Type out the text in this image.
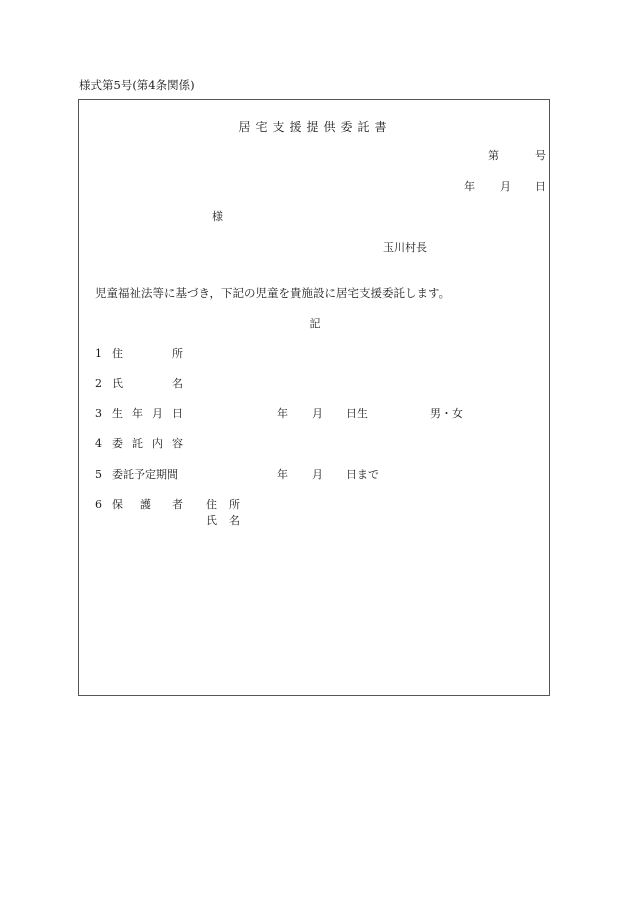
様式第5号(第4条関係)
居宅支援提供委託書
第	号
年 月 日
様
玉川村長
児童福祉法等に基づき，下記の児童を貴施設に居宅支援委託します。
記
1 住	所
2 氏	名
3 生 年 月 日	年 月 日生	男・女
4 委 託 内 容
5 委託予定期間	年 月 日まで
6 保 護 者 住 所
氏 名
